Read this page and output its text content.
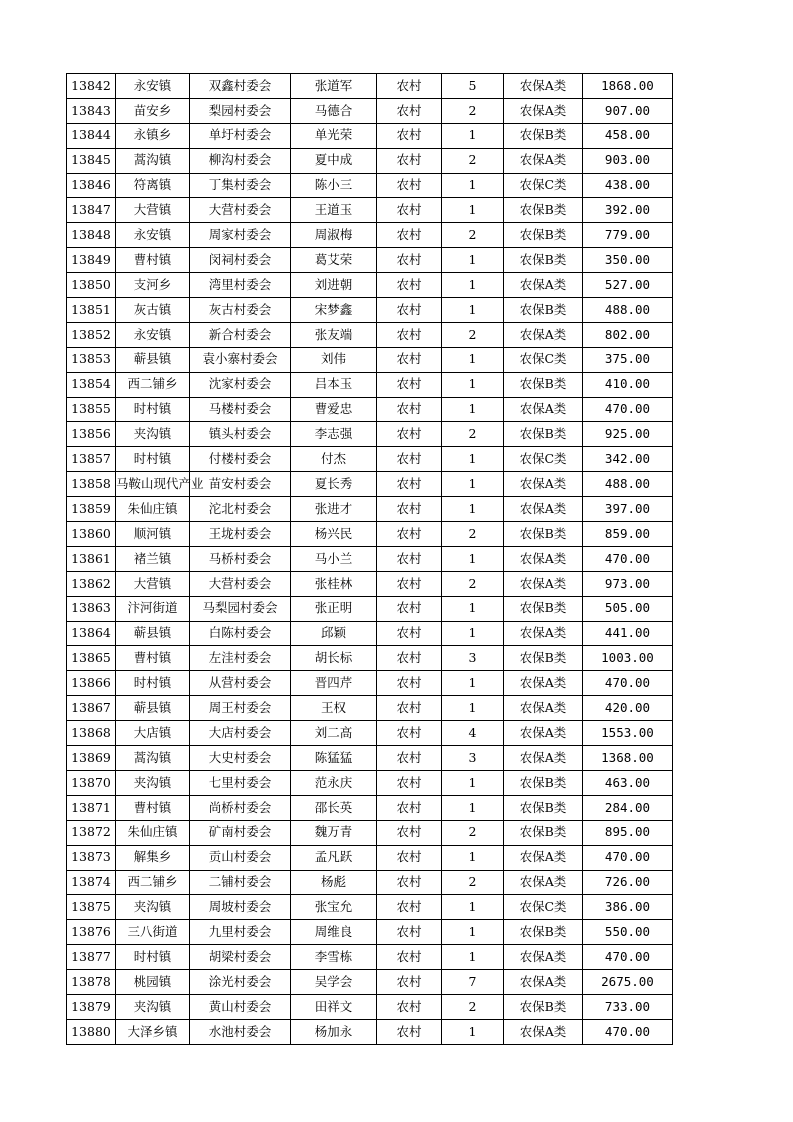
13842	永安镇	双鑫村委会	张道军	农村	5	农保A类	1868.00
13843	苗安乡	梨园村委会	马德合	农村	2	农保A类	907.00
13844	永镇乡	单圩村委会	单光荣	农村	1	农保B类	458.00
13845	蒿沟镇	柳沟村委会	夏中成	农村	2	农保A类	903.00
13846	符离镇	丁集村委会	陈小三	农村	1	农保C类	438.00
13847	大营镇	大营村委会	王道玉	农村	1	农保B类	392.00
13848	永安镇	周家村委会	周淑梅	农村	2	农保B类	779.00
13849	曹村镇	闵祠村委会	葛艾荣	农村	1	农保B类	350.00
13850	支河乡	湾里村委会	刘进朝	农村	1	农保A类	527.00
13851	灰古镇	灰古村委会	宋梦鑫	农村	1	农保B类	488.00
13852	永安镇	新合村委会	张友端	农村	2	农保A类	802.00
13853	蕲县镇	袁小寨村委会	刘伟	农村	1	农保C类	375.00
13854	西二铺乡	沈家村委会	吕本玉	农村	1	农保B类	410.00
13855	时村镇	马楼村委会	曹爱忠	农村	1	农保A类	470.00
13856	夹沟镇	镇头村委会	李志强	农村	2	农保B类	925.00
13857	时村镇	付楼村委会	付杰	农村	1	农保C类	342.00
13858	马鞍山现代产业	苗安村委会	夏长秀	农村	1	农保A类	488.00
13859	朱仙庄镇	沱北村委会	张进才	农村	1	农保A类	397.00
13860	顺河镇	王垅村委会	杨兴民	农村	2	农保B类	859.00
13861	褚兰镇	马桥村委会	马小兰	农村	1	农保A类	470.00
13862	大营镇	大营村委会	张桂林	农村	2	农保A类	973.00
13863	汴河街道	马梨园村委会	张正明	农村	1	农保B类	505.00
13864	蕲县镇	白陈村委会	邱颖	农村	1	农保A类	441.00
13865	曹村镇	左洼村委会	胡长标	农村	3	农保B类	1003.00
13866	时村镇	从营村委会	晋四芹	农村	1	农保A类	470.00
13867	蕲县镇	周王村委会	王权	农村	1	农保A类	420.00
13868	大店镇	大店村委会	刘二高	农村	4	农保A类	1553.00
13869	蒿沟镇	大史村委会	陈猛猛	农村	3	农保A类	1368.00
13870	夹沟镇	七里村委会	范永庆	农村	1	农保B类	463.00
13871	曹村镇	尚桥村委会	邵长英	农村	1	农保B类	284.00
13872	朱仙庄镇	矿南村委会	魏万青	农村	2	农保B类	895.00
13873	解集乡	贡山村委会	孟凡跃	农村	1	农保A类	470.00
13874	西二铺乡	二铺村委会	杨彪	农村	2	农保A类	726.00
13875	夹沟镇	周坡村委会	张宝允	农村	1	农保C类	386.00
13876	三八街道	九里村委会	周维良	农村	1	农保B类	550.00
13877	时村镇	胡梁村委会	李雪栋	农村	1	农保A类	470.00
13878	桃园镇	涂光村委会	吴学会	农村	7	农保A类	2675.00
13879	夹沟镇	黄山村委会	田祥文	农村	2	农保B类	733.00
13880	大泽乡镇	水池村委会	杨加永	农村	1	农保A类	470.00
